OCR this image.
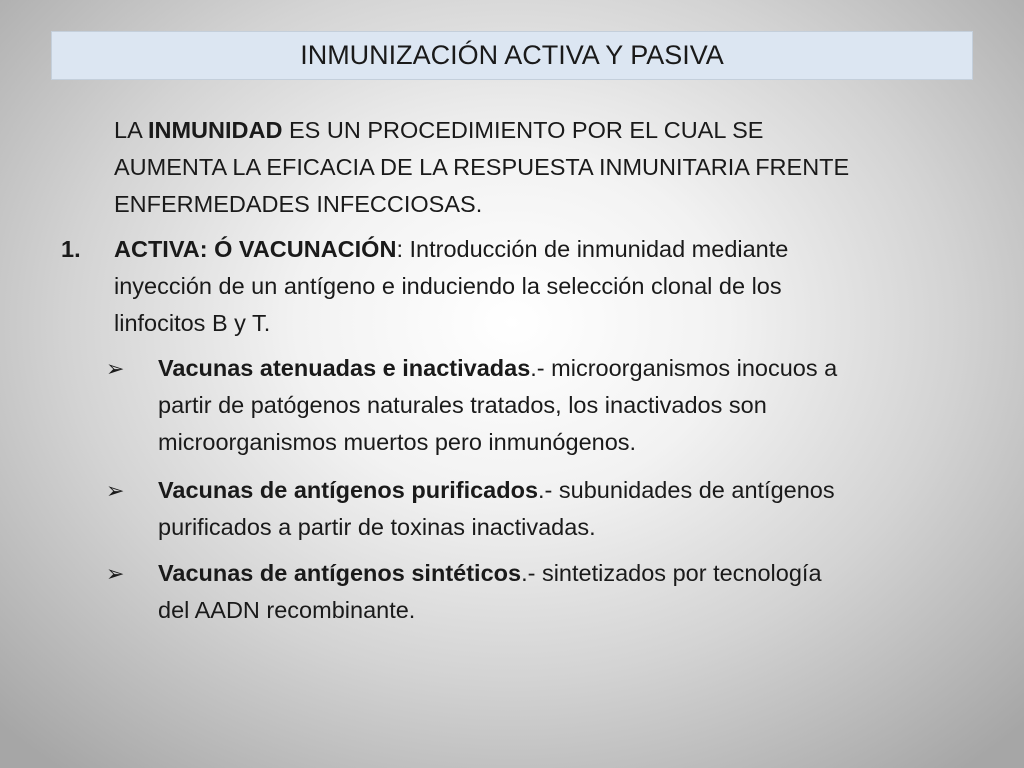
INMUNIZACIÓN ACTIVA Y PASIVA
LA INMUNIDAD ES UN PROCEDIMIENTO POR EL CUAL SE
AUMENTA LA EFICACIA DE LA RESPUESTA INMUNITARIA FRENTE
ENFERMEDADES INFECCIOSAS.
1. ACTIVA: Ó VACUNACIÓN: Introducción de inmunidad mediante
inyección de un antígeno e induciendo la selección clonal de los
linfocitos B y T.
➢ Vacunas atenuadas e inactivadas.- microorganismos inocuos a
partir de patógenos naturales tratados, los inactivados son
microorganismos muertos pero inmunógenos.
➢ Vacunas de antígenos purificados.- subunidades de antígenos
purificados a partir de toxinas inactivadas.
➢ Vacunas de antígenos sintéticos.- sintetizados por tecnología
del AADN recombinante.
